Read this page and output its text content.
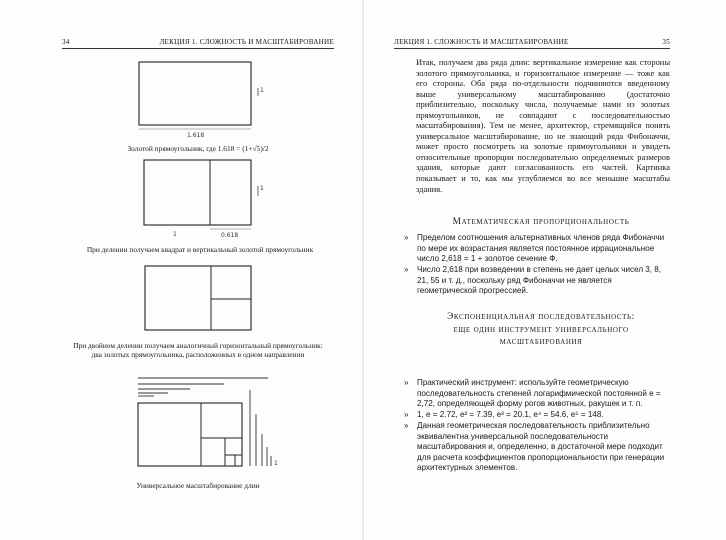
34	ЛЕКЦИЯ 1. СЛОЖНОСТЬ И МАСШТАБИРОВАНИЕ
1.618
1
Золотой прямоугольник, где 1.618 = (1+√5)/2
1	0.618
1
При делении получаем квадрат и вертикальный золотой прямоугольник
При двойном делении получаем аналогичный горизонтальный прямоугольник:
два золотых прямоугольника, расположенных в одном направлении
1
Универсальное масштабирование длин
ЛЕКЦИЯ 1. СЛОЖНОСТЬ И МАСШТАБИРОВАНИЕ	35
Итак, получаем два ряда длин: вертикальное измерение как стороны золотого прямоугольника, и горизонтальное измерение — тоже как его стороны. Оба ряда по-отдельности подчиняются введенному выше универсальному масштабированию (достаточно приблизительно, поскольку числа, получаемые нами из золотых прямоугольников, не совпадают с последовательностью масштабирования). Тем не менее, архитектор, стремящийся понять универсальное масштабирование, но не знающий ряда Фибоначчи, может просто посмотреть на золотые прямоугольники и увидеть относительные пропорции последовательно определяемых размеров здания, которые дают согласованность его частей. Картинка показывает и то, как мы углубляемся во все меньшие масштабы здания.
Математическая пропорциональность
» Пределом соотношения альтернативных членов ряда Фибоначчи по мере их возрастания является постоянное иррациональное число 2,618 = 1 + золотое сечение Ф.
» Число 2,618 при возведении в степень не дает целых чисел 3, 8, 21, 55 и т. д., поскольку ряд Фибоначчи не является геометрической прогрессией.
Экспоненциальная последовательность:
еще один инструмент универсального
масштабирования
» Практический инструмент: используйте геометрическую последовательность степеней логарифмической постоянной e = 2,72, определяющей форму рогов животных, ракушек и т. п.
» 1, e = 2.72, e² = 7.39, e³ = 20.1, e⁴ = 54.6, e⁵ = 148.
» Данная геометрическая последовательность приблизительно эквивалентна универсальной последовательности масштабирования и, определенно, в достаточной мере подходит для расчета коэффициентов пропорциональности при генерации архитектурных элементов.
